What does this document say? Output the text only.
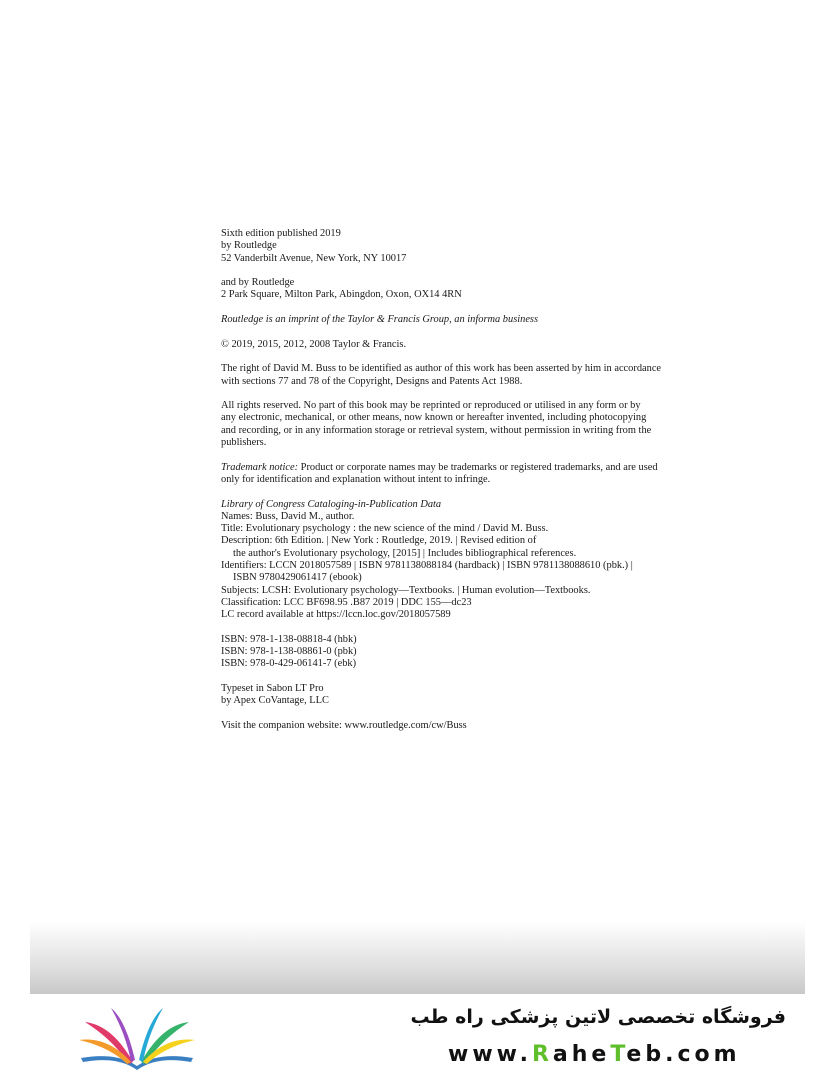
Sixth edition published 2019
by Routledge
52 Vanderbilt Avenue, New York, NY 10017

and by Routledge
2 Park Square, Milton Park, Abingdon, Oxon, OX14 4RN

Routledge is an imprint of the Taylor & Francis Group, an informa business

© 2019, 2015, 2012, 2008 Taylor & Francis.

The right of David M. Buss to be identified as author of this work has been asserted by him in accordance
with sections 77 and 78 of the Copyright, Designs and Patents Act 1988.

All rights reserved. No part of this book may be reprinted or reproduced or utilised in any form or by
any electronic, mechanical, or other means, now known or hereafter invented, including photocopying
and recording, or in any information storage or retrieval system, without permission in writing from the
publishers.

Trademark notice: Product or corporate names may be trademarks or registered trademarks, and are used
only for identification and explanation without intent to infringe.

Library of Congress Cataloging-in-Publication Data
Names: Buss, David M., author.
Title: Evolutionary psychology : the new science of the mind / David M. Buss.
Description: 6th Edition. | New York : Routledge, 2019. | Revised edition of
the author's Evolutionary psychology, [2015] | Includes bibliographical references.
Identifiers: LCCN 2018057589 | ISBN 9781138088184 (hardback) | ISBN 9781138088610 (pbk.) |
ISBN 9780429061417 (ebook)
Subjects: LCSH: Evolutionary psychology—Textbooks. | Human evolution—Textbooks.
Classification: LCC BF698.95 .B87 2019 | DDC 155—dc23
LC record available at https://lccn.loc.gov/2018057589

ISBN: 978-1-138-08818-4 (hbk)
ISBN: 978-1-138-08861-0 (pbk)
ISBN: 978-0-429-06141-7 (ebk)

Typeset in Sabon LT Pro
by Apex CoVantage, LLC

Visit the companion website: www.routledge.com/cw/Buss

فروشگاه تخصصی لاتین پزشکی راه طب
www.RaheTeb.com
